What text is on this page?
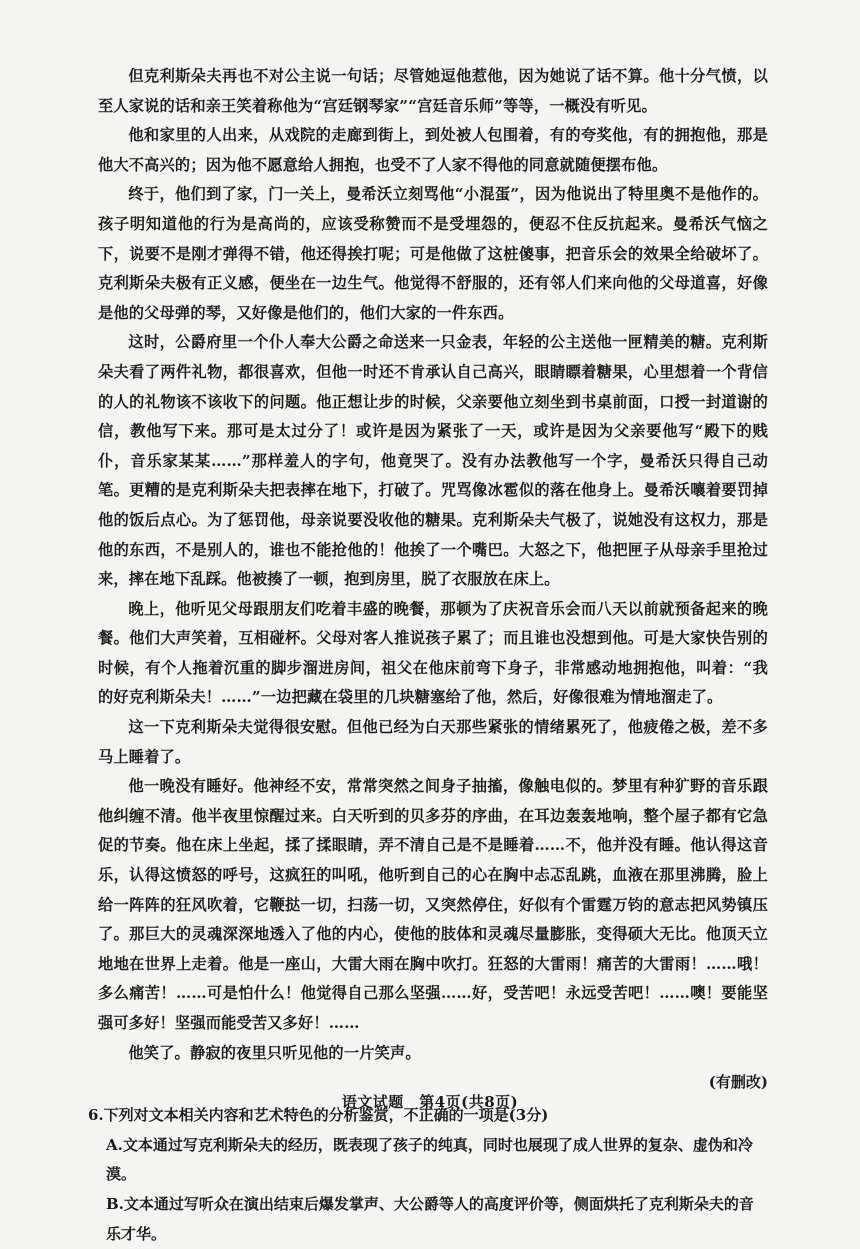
但克利斯朵夫再也不对公主说一句话；尽管她逗他惹他，因为她说了话不算。他十分气愤，以至人家说的话和亲王笑着称他为“宫廷钢琴家”“宫廷音乐师”等等，一概没有听见。

他和家里的人出来，从戏院的走廊到街上，到处被人包围着，有的夸奖他，有的拥抱他，那是他大不高兴的；因为他不愿意给人拥抱，也受不了人家不得他的同意就随便摆布他。

终于，他们到了家，门一关上，曼希沃立刻骂他“小混蛋”，因为他说出了特里奥不是他作的。孩子明知道他的行为是高尚的，应该受称赞而不是受埋怨的，便忍不住反抗起来。曼希沃气恼之下，说要不是刚才弹得不错，他还得挨打呢；可是他做了这桩傻事，把音乐会的效果全给破坏了。克利斯朵夫极有正义感，便坐在一边生气。他觉得不舒服的，还有邻人们来向他的父母道喜，好像是他的父母弹的琴，又好像是他们的，他们大家的一件东西。

这时，公爵府里一个仆人奉大公爵之命送来一只金表，年轻的公主送他一匣精美的糖。克利斯朵夫看了两件礼物，都很喜欢，但他一时还不肯承认自己高兴，眼睛瞟着糖果，心里想着一个背信的人的礼物该不该收下的问题。他正想让步的时候，父亲要他立刻坐到书桌前面，口授一封道谢的信，教他写下来。那可是太过分了！或许是因为紧张了一天，或许是因为父亲要他写“殿下的贱仆，音乐家某某……”那样羞人的字句，他竟哭了。没有办法教他写一个字，曼希沃只得自己动笔。更糟的是克利斯朵夫把表摔在地下，打破了。咒骂像冰雹似的落在他身上。曼希沃嚷着要罚掉他的饭后点心。为了惩罚他，母亲说要没收他的糖果。克利斯朵夫气极了，说她没有这权力，那是他的东西，不是别人的，谁也不能抢他的！他挨了一个嘴巴。大怒之下，他把匣子从母亲手里抢过来，摔在地下乱踩。他被揍了一顿，抱到房里，脱了衣服放在床上。

晚上，他听见父母跟朋友们吃着丰盛的晚餐，那顿为了庆祝音乐会而八天以前就预备起来的晚餐。他们大声笑着，互相碰杯。父母对客人推说孩子累了；而且谁也没想到他。可是大家快告别的时候，有个人拖着沉重的脚步溜进房间，祖父在他床前弯下身子，非常感动地拥抱他，叫着：“我的好克利斯朵夫！……”一边把藏在袋里的几块糖塞给了他，然后，好像很难为情地溜走了。

这一下克利斯朵夫觉得很安慰。但他已经为白天那些紧张的情绪累死了，他疲倦之极，差不多马上睡着了。

他一晚没有睡好。他神经不安，常常突然之间身子抽搐，像触电似的。梦里有种犷野的音乐跟他纠缠不清。他半夜里惊醒过来。白天听到的贝多芬的序曲，在耳边轰轰地响，整个屋子都有它急促的节奏。他在床上坐起，揉了揉眼睛，弄不清自己是不是睡着……不，他并没有睡。他认得这音乐，认得这愤怒的呼号，这疯狂的叫吼，他听到自己的心在胸中忐忑乱跳，血液在那里沸腾，脸上给一阵阵的狂风吹着，它鞭挞一切，扫荡一切，又突然停住，好似有个雷霆万钧的意志把风势镇压了。那巨大的灵魂深深地透入了他的内心，使他的肢体和灵魂尽量膨胀，变得硕大无比。他顶天立地地在世界上走着。他是一座山，大雷大雨在胸中吹打。狂怒的大雷雨！痛苦的大雷雨！……哦！多么痛苦！……可是怕什么！他觉得自己那么坚强……好，受苦吧！永远受苦吧！……噢！要能坚强可多好！坚强而能受苦又多好！……

他笑了。静寂的夜里只听见他的一片笑声。

(有删改)

6.下列对文本相关内容和艺术特色的分析鉴赏，不正确的一项是(3分)

A.文本通过写克利斯朵夫的经历，既表现了孩子的纯真，同时也展现了成人世界的复杂、虚伪和冷漠。

B.文本通过写听众在演出结束后爆发掌声、大公爵等人的高度评价等，侧面烘托了克利斯朵夫的音乐才华。

语文试题　第4页(共8页)
